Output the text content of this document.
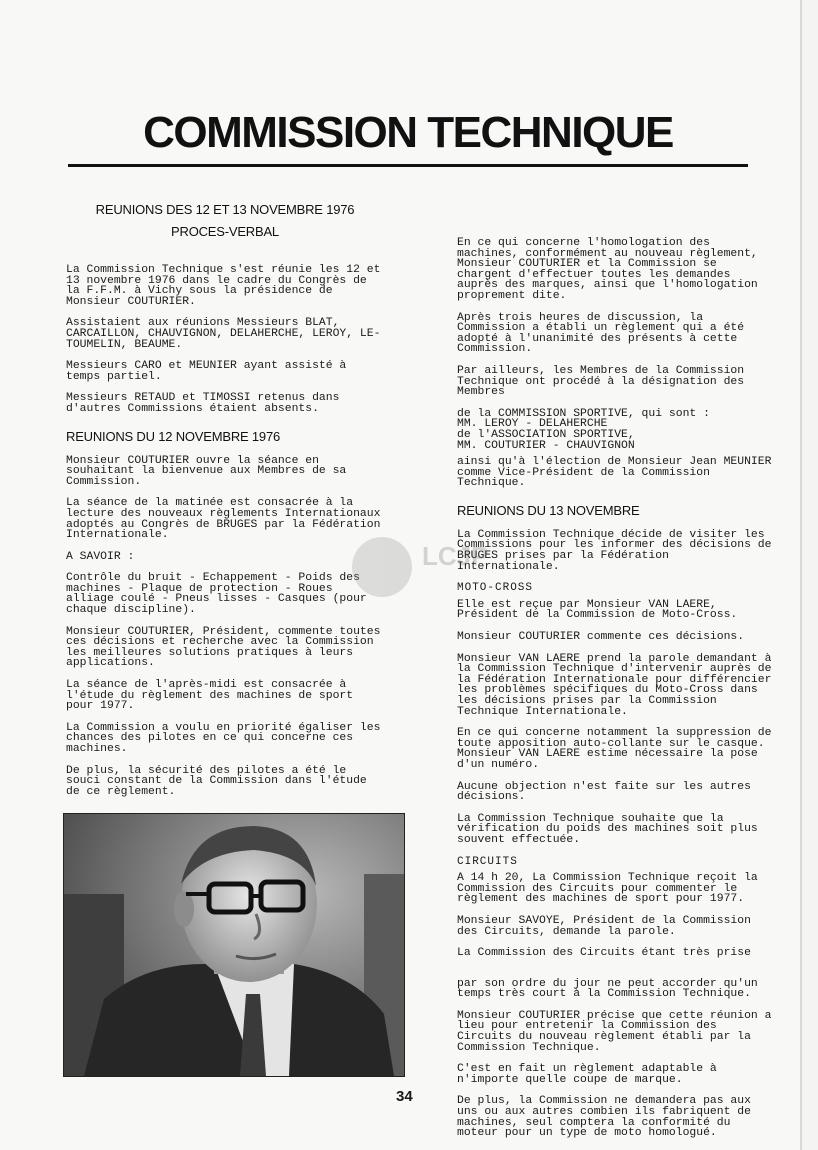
COMMISSION TECHNIQUE
REUNIONS DES 12 ET 13 NOVEMBRE 1976
PROCES-VERBAL

La Commission Technique s'est réunie les 12 et 13 novembre 1976 dans le cadre du Congrès de la F.F.M. à Vichy sous la présidence de Monsieur COUTURIER.

Assistaient aux réunions Messieurs BLAT, CARCAILLON, CHAUVIGNON, DELAHERCHE, LEROY, LE-TOUMELIN, BEAUME.

Messieurs CARO et MEUNIER ayant assisté à temps partiel.

Messieurs RETAUD et TIMOSSI retenus dans d'autres Commissions étaient absents.

REUNIONS DU 12 NOVEMBRE 1976

Monsieur COUTURIER ouvre la séance en souhaitant la bienvenue aux Membres de sa Commission.

La séance de la matinée est consacrée à la lecture des nouveaux règlements Internationaux adoptés au Congrès de BRUGES par la Fédération Internationale.

A SAVOIR :

Contrôle du bruit - Echappement - Poids des machines - Plaque de protection - Roues alliage coulé - Pneus lisses - Casques (pour chaque discipline).

Monsieur COUTURIER, Président, commente toutes ces décisions et recherche avec la Commission les meilleures solutions pratiques à leurs applications.

La séance de l'après-midi est consacrée à l'étude du règlement des machines de sport pour 1977.

La Commission a voulu en priorité égaliser les chances des pilotes en ce qui concerne ces machines.

De plus, la sécurité des pilotes a été le souci constant de la Commission dans l'étude de ce règlement.

En ce qui concerne l'homologation des machines, conformément au nouveau règlement, Monsieur COUTURIER et la Commission se chargent d'effectuer toutes les demandes auprès des marques, ainsi que l'homologation proprement dite.

Après trois heures de discussion, la Commission a établi un règlement qui a été adopté à l'unanimité des présents à cette Commission.

Par ailleurs, les Membres de la Commission Technique ont procédé à la désignation des Membres

de la COMMISSION SPORTIVE, qui sont :
MM. LEROY - DELAHERCHE
de l'ASSOCIATION SPORTIVE,
MM. COUTURIER - CHAUVIGNON

ainsi qu'à l'élection de Monsieur Jean MEUNIER comme Vice-Président de la Commission Technique.

REUNIONS DU 13 NOVEMBRE

La Commission Technique décide de visiter les Commissions pour les informer des décisions de BRUGES prises par la Fédération Internationale.

MOTO-CROSS

Elle est reçue par Monsieur VAN LAERE, Président de la Commission de Moto-Cross.

Monsieur COUTURIER commente ces décisions.

Monsieur VAN LAERE prend la parole demandant à la Commission Technique d'intervenir auprès de la Fédération Internationale pour différencier les problèmes spécifiques du Moto-Cross dans les décisions prises par la Commission Technique Internationale.

En ce qui concerne notamment la suppression de toute apposition auto-collante sur le casque. Monsieur VAN LAERE estime nécessaire la pose d'un numéro.

Aucune objection n'est faite sur les autres décisions.

La Commission Technique souhaite que la vérification du poids des machines soit plus souvent effectuée.

CIRCUITS

A 14 h 20, La Commission Technique reçoit la Commission des Circuits pour commenter le règlement des machines de sport pour 1977.

Monsieur SAVOYE, Président de la Commission des Circuits, demande la parole.

La Commission des Circuits étant très prise

par son ordre du jour ne peut accorder qu'un temps très court à la Commission Technique.

Monsieur COUTURIER précise que cette réunion a lieu pour entretenir la Commission des Circuits du nouveau règlement établi par la Commission Technique.

C'est en fait un règlement adaptable à n'importe quelle coupe de marque.

De plus, la Commission ne demandera pas aux uns ou aux autres combien ils fabriquent de machines, seul comptera la conformité du moteur pour un type de moto homologué.

LCJP
34
